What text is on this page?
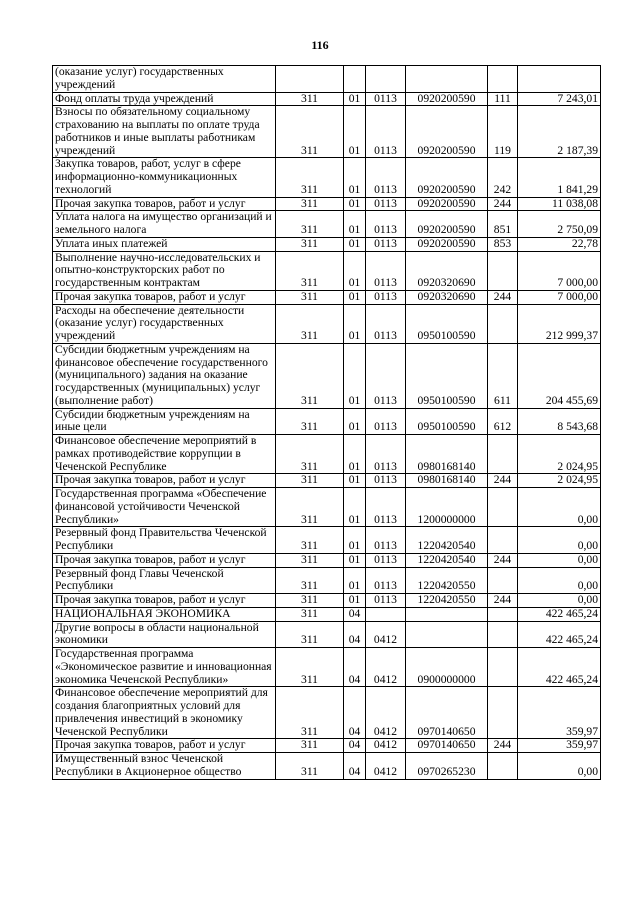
116
(оказание услуг) государственных учреждений						
Фонд оплаты труда учреждений	311	01	0113	0920200590	111	7 243,01
Взносы по обязательному социальному страхованию на выплаты по оплате труда работников и иные выплаты работникам учреждений	311	01	0113	0920200590	119	2 187,39
Закупка товаров, работ, услуг в сфере информационно-коммуникационных технологий	311	01	0113	0920200590	242	1 841,29
Прочая закупка товаров, работ и услуг	311	01	0113	0920200590	244	11 038,08
Уплата налога на имущество организаций и земельного налога	311	01	0113	0920200590	851	2 750,09
Уплата иных платежей	311	01	0113	0920200590	853	22,78
Выполнение научно-исследовательских и опытно-конструкторских работ по государственным контрактам	311	01	0113	0920320690		7 000,00
Прочая закупка товаров, работ и услуг	311	01	0113	0920320690	244	7 000,00
Расходы на обеспечение деятельности (оказание услуг) государственных учреждений	311	01	0113	0950100590		212 999,37
Субсидии бюджетным учреждениям на финансовое обеспечение государственного (муниципального) задания на оказание государственных (муниципальных) услуг (выполнение работ)	311	01	0113	0950100590	611	204 455,69
Субсидии бюджетным учреждениям на иные цели	311	01	0113	0950100590	612	8 543,68
Финансовое обеспечение мероприятий в рамках противодействие коррупции в Чеченской Республике	311	01	0113	0980168140		2 024,95
Прочая закупка товаров, работ и услуг	311	01	0113	0980168140	244	2 024,95
Государственная программа «Обеспечение финансовой устойчивости Чеченской Республики»	311	01	0113	1200000000		0,00
Резервный фонд Правительства Чеченской Республики	311	01	0113	1220420540		0,00
Прочая закупка товаров, работ и услуг	311	01	0113	1220420540	244	0,00
Резервный фонд Главы Чеченской Республики	311	01	0113	1220420550		0,00
Прочая закупка товаров, работ и услуг	311	01	0113	1220420550	244	0,00
НАЦИОНАЛЬНАЯ ЭКОНОМИКА	311	04				422 465,24
Другие вопросы в области национальной экономики	311	04	0412			422 465,24
Государственная программа «Экономическое развитие и инновационная экономика Чеченской Республики»	311	04	0412	0900000000		422 465,24
Финансовое обеспечение мероприятий для создания благоприятных условий для привлечения инвестиций в экономику Чеченской Республики	311	04	0412	0970140650		359,97
Прочая закупка товаров, работ и услуг	311	04	0412	0970140650	244	359,97
Имущественный взнос Чеченской Республики в Акционерное общество	311	04	0412	0970265230		0,00
